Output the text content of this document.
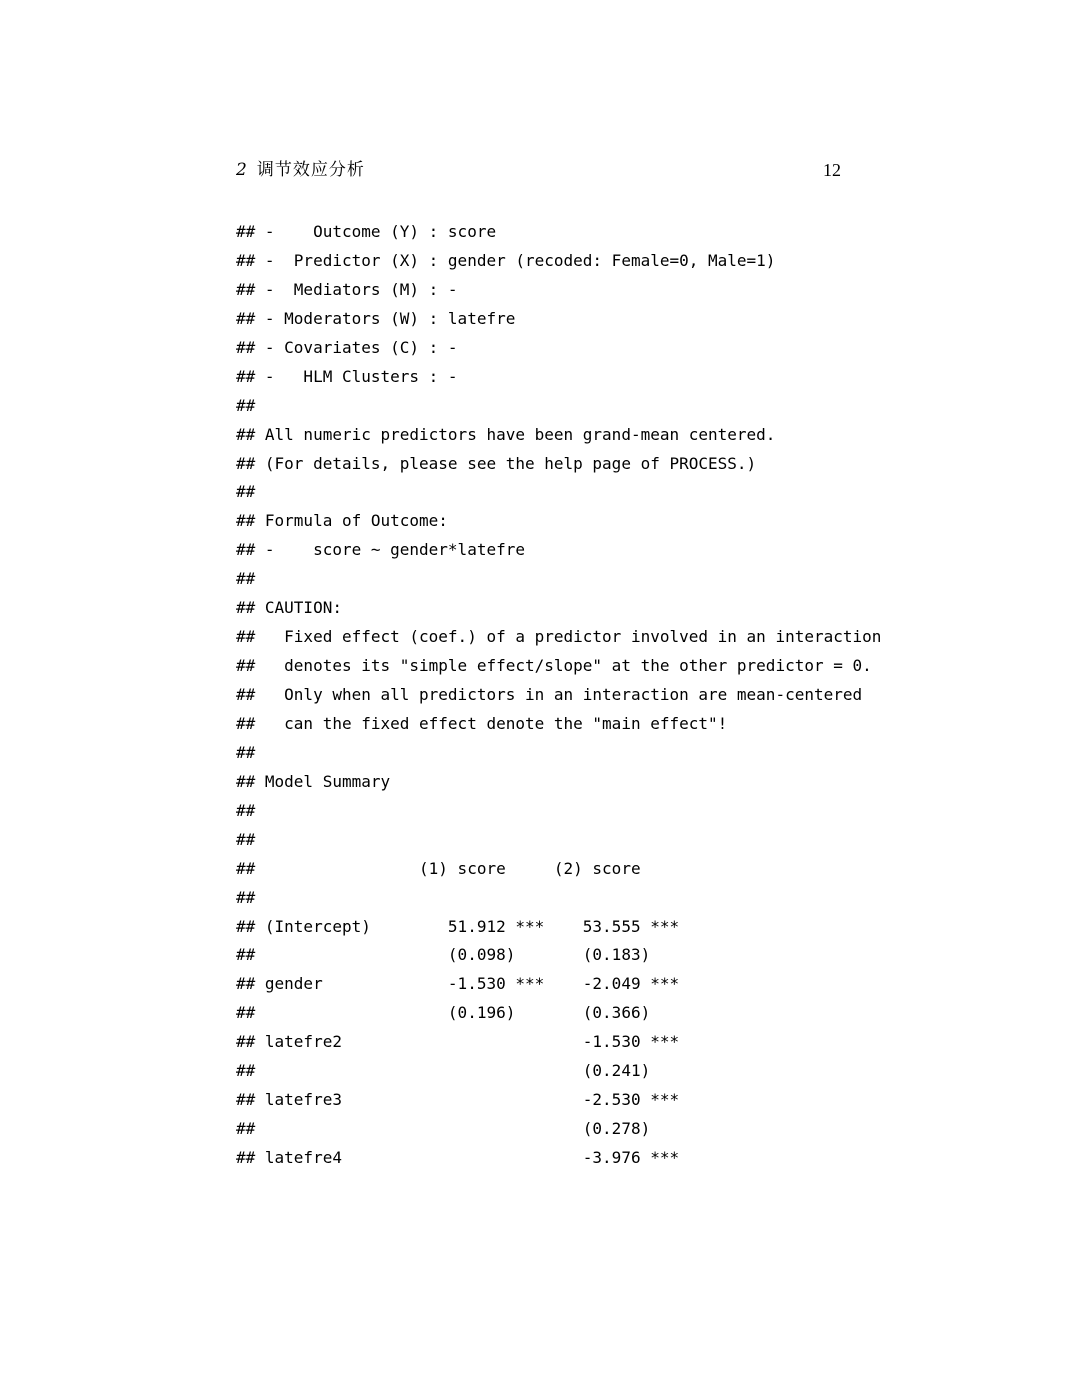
2 调节效应分析	12
## -    Outcome (Y) : score
## -  Predictor (X) : gender (recoded: Female=0, Male=1)
## -  Mediators (M) : -
## - Moderators (W) : latefre
## - Covariates (C) : -
## -   HLM Clusters : -
##
## All numeric predictors have been grand-mean centered.
## (For details, please see the help page of PROCESS.)
##
## Formula of Outcome:
## -    score ~ gender*latefre
##
## CAUTION:
##   Fixed effect (coef.) of a predictor involved in an interaction
##   denotes its "simple effect/slope" at the other predictor = 0.
##   Only when all predictors in an interaction are mean-centered
##   can the fixed effect denote the "main effect"!
##
## Model Summary
##
##
##                 (1) score     (2) score
##
## (Intercept)        51.912 ***    53.555 ***
##                    (0.098)       (0.183)
## gender             -1.530 ***    -2.049 ***
##                    (0.196)       (0.366)
## latefre2                         -1.530 ***
##                                  (0.241)
## latefre3                         -2.530 ***
##                                  (0.278)
## latefre4                         -3.976 ***
